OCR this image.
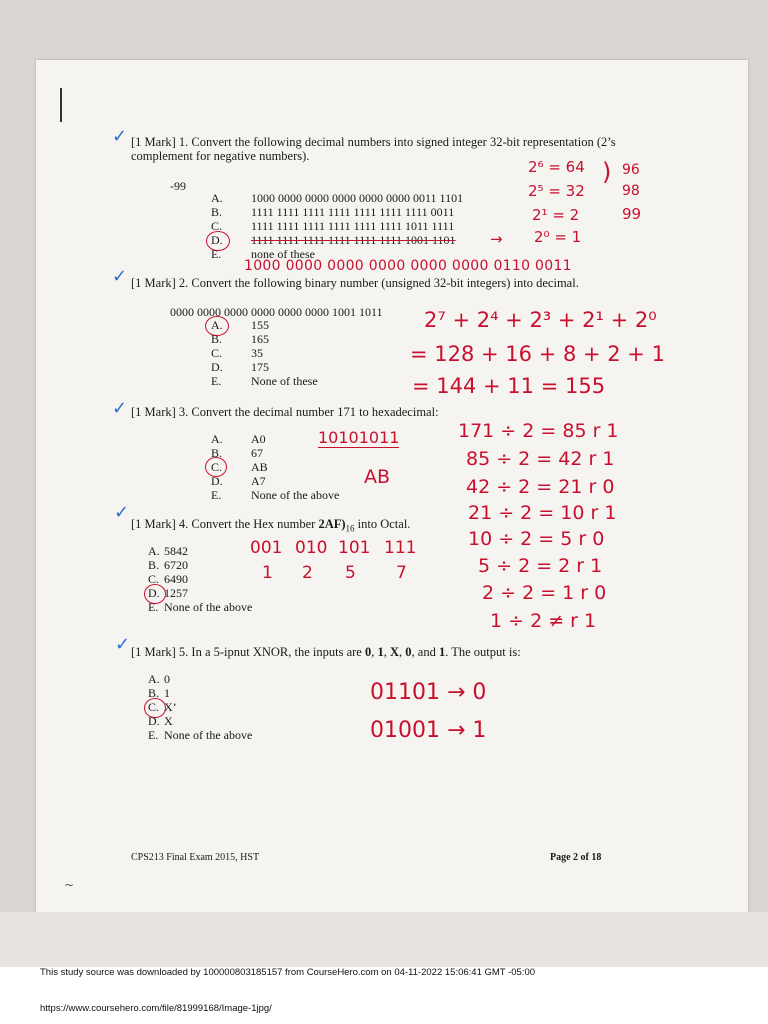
✓ [1 Mark] 1. Convert the following decimal numbers into signed integer 32-bit representation (2’s complement for negative numbers).
-99
A. 1000 0000 0000 0000 0000 0000 0011 1101
B. 1111 1111 1111 1111 1111 1111 1111 0011
C. 1111 1111 1111 1111 1111 1111 1011 1111
D. 1111 1111 1111 1111 1111 1111 1001 1101
E. none of these
2⁶ = 64
2⁵ = 32
2¹ = 2
2⁰ = 1
) 96
98
99
→
1000 0000 0000 0000 0000 0000 0110 0011
✓ [1 Mark] 2. Convert the following binary number (unsigned 32-bit integers) into decimal.
0000 0000 0000 0000 0000 0000 1001 1011
A. 155
B. 165
C. 35
D. 175
E. None of these
2⁷ + 2⁴ + 2³ + 2¹ + 2⁰
= 128 + 16 + 8 + 2 + 1
= 144 + 11 = 155
✓ [1 Mark] 3. Convert the decimal number 171 to hexadecimal:
A. A0
B. 67
C. AB
D. A7
E. None of the above
10101011
AB
171 ÷ 2 = 85 r 1
85 ÷ 2 = 42 r 1
42 ÷ 2 = 21 r 0
21 ÷ 2 = 10 r 1
10 ÷ 2 = 5 r 0
5 ÷ 2 = 2 r 1
2 ÷ 2 = 1 r 0
1 ÷ 2 ≠ r 1
✓
[1 Mark] 4. Convert the Hex number $2AF)_{16}$ into Octal.
A. 5842
B. 6720
C. 6490
D. 1257
E. None of the above
001 010 101 111
1 2 5 7
✓ [1 Mark] 5. In a 5-ipnut XNOR, the inputs are 0, 1, X, 0, and 1. The output is:
A. 0
B. 1
C. X’
D. X
E. None of the above
01101 → 0
01001 → 1
CPS213 Final Exam 2015, HST	Page 2 of 18
~
This study source was downloaded by 100000803185157 from CourseHero.com on 04-11-2022 15:06:41 GMT -05:00
https://www.coursehero.com/file/81999168/Image-1jpg/
